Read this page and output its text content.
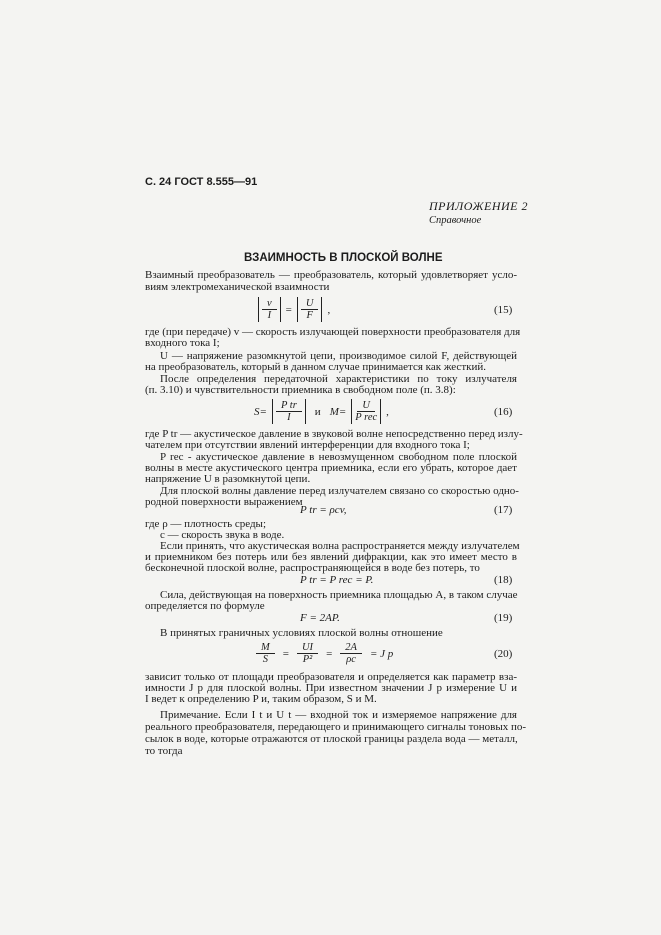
С. 24 ГОСТ 8.555—91
ПРИЛОЖЕНИЕ 2
Справочное
ВЗАИМНОСТЬ В ПЛОСКОЙ ВОЛНЕ
Взаимный преобразователь — преобразователь, который удовлетворяет усло-
виям электромеханической взаимности
где (при передаче) v — скорость излучающей поверхности преобразователя для
входного тока I;
U — напряжение разомкнутой цепи, производимое силой F, действующей
на преобразователь, который в данном случае принимается как жесткий.
После определения передаточной характеристики по току излучателя
(п. 3.10) и чувствительности приемника в свободном поле (п. 3.8):
где P tr — акустическое давление в звуковой волне непосредственно перед излу-
чателем при отсутствии явлений интерференции для входного тока I;
P rec - акустическое давление в невозмущенном свободном поле плоской
волны в месте акустического центра приемника, если его убрать, которое дает
напряжение U в разомкнутой цепи.
Для плоской волны давление перед излучателем связано со скоростью одно-
родной поверхности выражением
где ρ — плотность среды;
c — скорость звука в воде.
Если принять, что акустическая волна распространяется между излучателем
и приемником без потерь или без явлений дифракции, как это имеет место в
бесконечной плоской волне, распространяющейся в воде без потерь, то
Сила, действующая на поверхность приемника площадью A, в таком случае
определяется по формуле
В принятых граничных условиях плоской волны отношение
зависит только от площади преобразователя и определяется как параметр вза-
имности J p для плоской волны. При известном значении J p измерение U и
I ведет к определению P и, таким образом, S и M.
Примечание. Если I t и U t — входной ток и измеряемое напряжение для
реального преобразователя, передающего и принимающего сигналы тоновых по-
сылок в воде, которые отражаются от плоской границы раздела вода — металл,
то тогда
$\frac{v}{I} = \frac{U}{F}$ ,	(15)
$S= \frac{\text{P tr}}{I}$ и $M= \frac{U}{\text{P rec}}$ ,	(16)
P tr = ρcv,	(17)
P tr = P rec = P.	(18)
F = 2AP.	(19)
$\frac{M}{S} = \frac{UI}{\text{P²}} = \frac{2A}{\rho c} = J$ p	(20)
